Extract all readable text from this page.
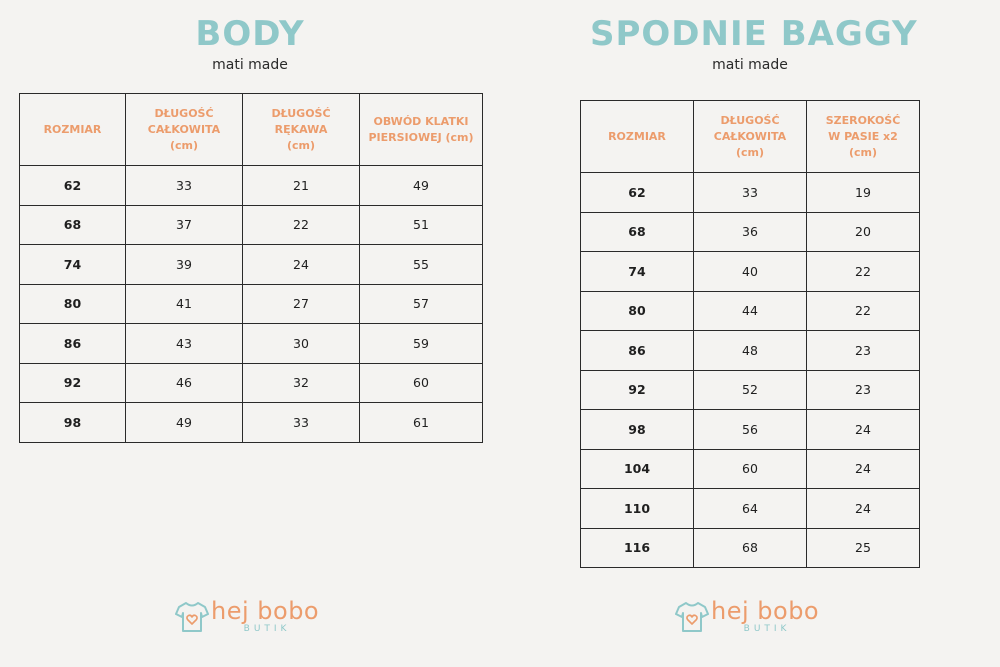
BODY
mati made
ROZMIAR	DŁUGOŚĆ CAŁKOWITA (cm)	DŁUGOŚĆ RĘKAWA (cm)	OBWÓD KLATKI PIERSIOWEJ (cm)
62	33	21	49
68	37	22	51
74	39	24	55
80	41	27	57
86	43	30	59
92	46	32	60
98	49	33	61
SPODNIE BAGGY
mati made
ROZMIAR	DŁUGOŚĆ CAŁKOWITA (cm)	SZEROKOŚĆ W PASIE x2 (cm)
62	33	19
68	36	20
74	40	22
80	44	22
86	48	23
92	52	23
98	56	24
104	60	24
110	64	24
116	68	25
hej bobo
BUTIK
hej bobo
BUTIK
